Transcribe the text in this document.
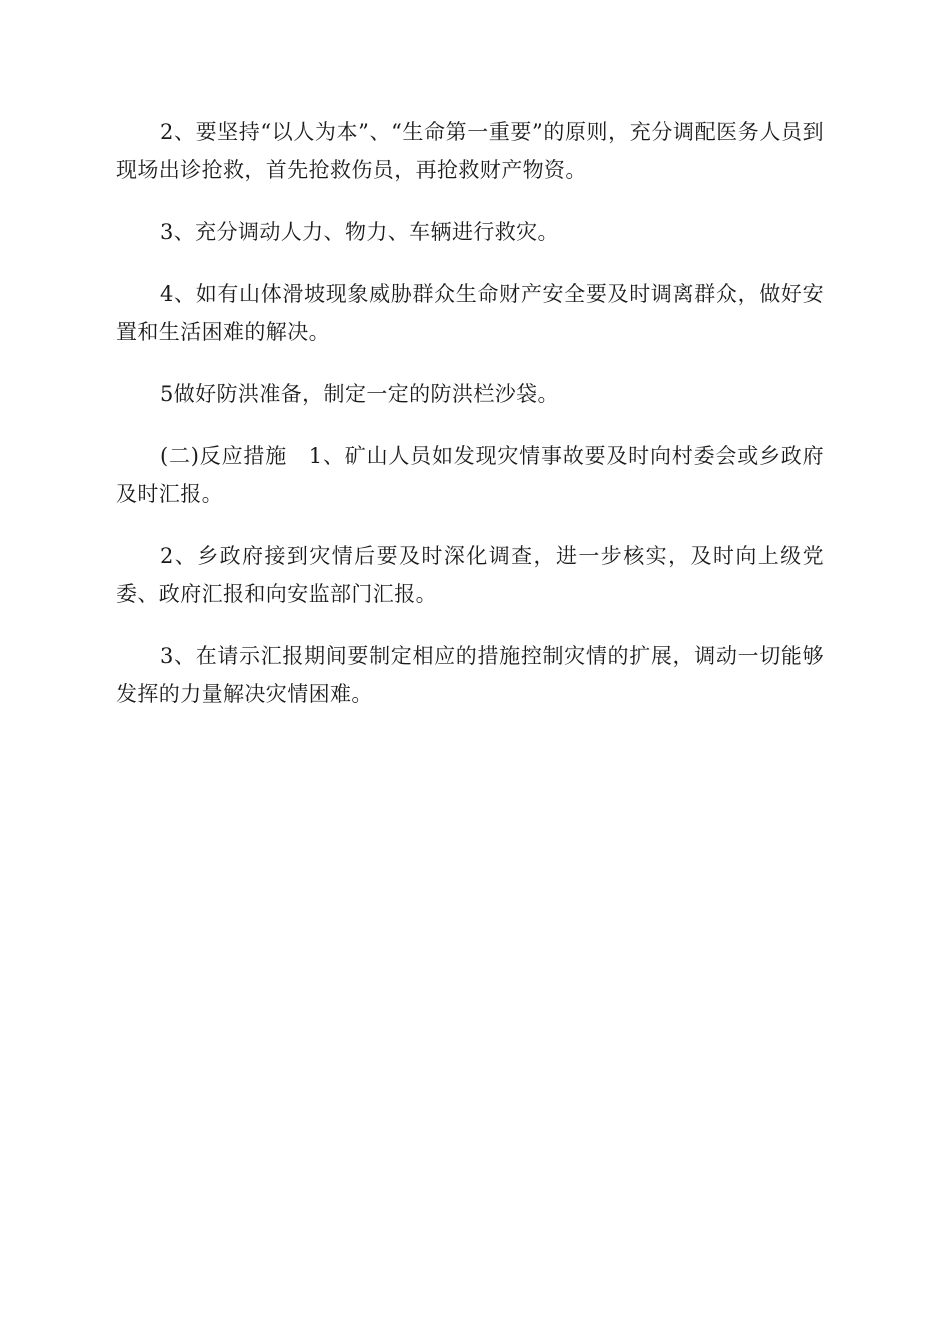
2、要坚持“以人为本”、“生命第一重要”的原则，充分调配医务人员到现场出诊抢救，首先抢救伤员，再抢救财产物资。

3、充分调动人力、物力、车辆进行救灾。

4、如有山体滑坡现象威胁群众生命财产安全要及时调离群众，做好安置和生活困难的解决。

5做好防洪准备，制定一定的防洪栏沙袋。

(二)反应措施　1、矿山人员如发现灾情事故要及时向村委会或乡政府及时汇报。

2、乡政府接到灾情后要及时深化调查，进一步核实，及时向上级党委、政府汇报和向安监部门汇报。

3、在请示汇报期间要制定相应的措施控制灾情的扩展，调动一切能够发挥的力量解决灾情困难。
